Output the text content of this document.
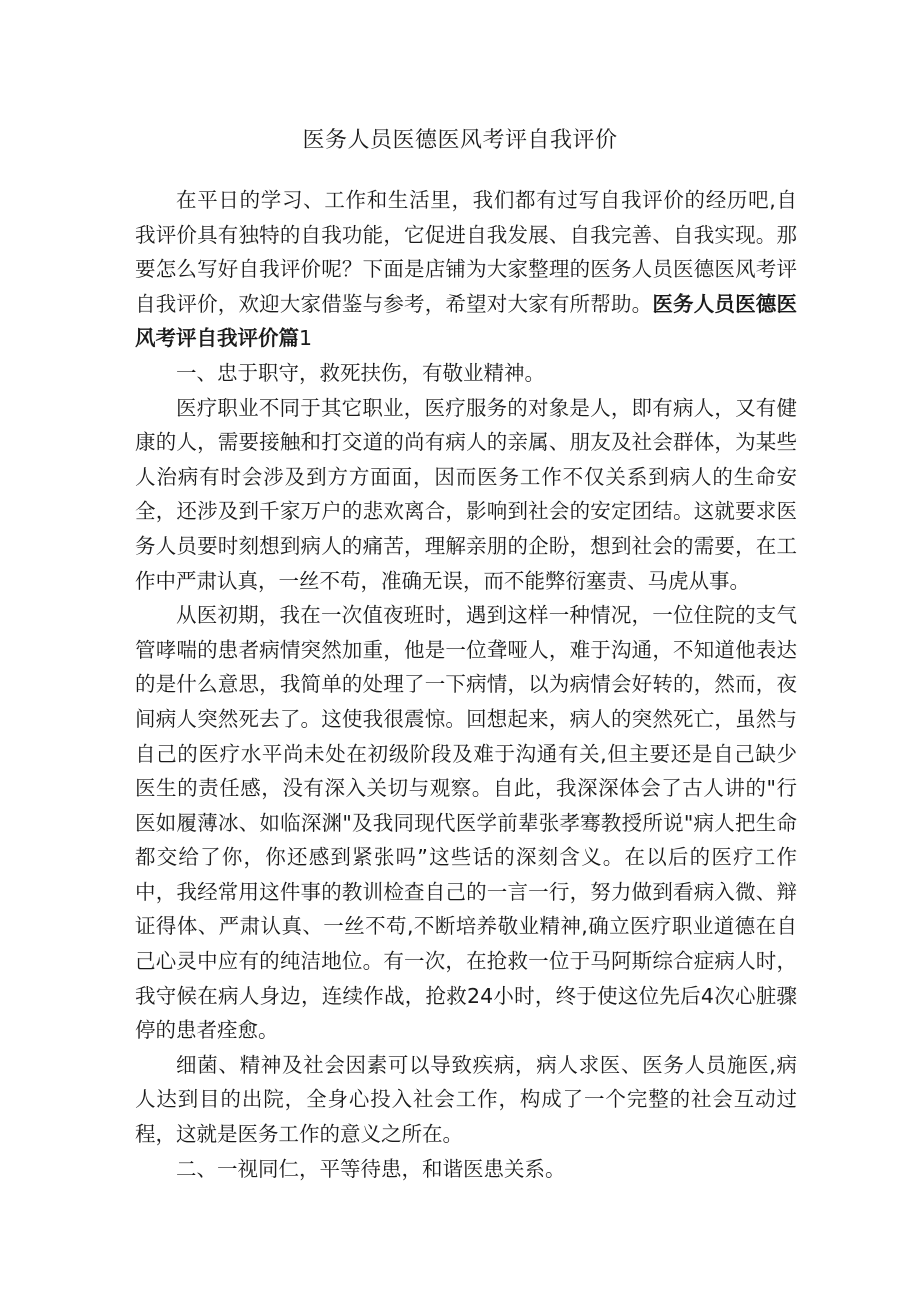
医务人员医德医风考评自我评价

在平日的学习、工作和生活里，我们都有过写自我评价的经历吧,自我评价具有独特的自我功能，它促进自我发展、自我完善、自我实现。那要怎么写好自我评价呢？下面是店铺为大家整理的医务人员医德医风考评自我评价，欢迎大家借鉴与参考，希望对大家有所帮助。医务人员医德医风考评自我评价篇1

一、忠于职守，救死扶伤，有敬业精神。

医疗职业不同于其它职业，医疗服务的对象是人，即有病人，又有健康的人，需要接触和打交道的尚有病人的亲属、朋友及社会群体，为某些人治病有时会涉及到方方面面，因而医务工作不仅关系到病人的生命安全，还涉及到千家万户的悲欢离合，影响到社会的安定团结。这就要求医务人员要时刻想到病人的痛苦，理解亲朋的企盼，想到社会的需要，在工作中严肃认真，一丝不苟，准确无误，而不能弊衍塞责、马虎从事。

从医初期，我在一次值夜班时，遇到这样一种情况，一位住院的支气管哮喘的患者病情突然加重，他是一位聋哑人，难于沟通，不知道他表达的是什么意思，我简单的处理了一下病情，以为病情会好转的，然而，夜间病人突然死去了。这使我很震惊。回想起来，病人的突然死亡，虽然与自己的医疗水平尚未处在初级阶段及难于沟通有关,但主要还是自己缺少医生的责任感，没有深入关切与观察。自此，我深深体会了古人讲的"行医如履薄冰、如临深渊"及我同现代医学前辈张孝骞教授所说"病人把生命都交给了你，你还感到紧张吗”这些话的深刻含义。在以后的医疗工作中，我经常用这件事的教训检查自己的一言一行，努力做到看病入微、辩证得体、严肃认真、一丝不苟,不断培养敬业精神,确立医疗职业道德在自己心灵中应有的纯洁地位。有一次，在抢救一位于马阿斯综合症病人时，我守候在病人身边，连续作战，抢救24小时，终于使这位先后4次心脏骤停的患者痊愈。

细菌、精神及社会因素可以导致疾病，病人求医、医务人员施医,病人达到目的出院，全身心投入社会工作，构成了一个完整的社会互动过程，这就是医务工作的意义之所在。

二、一视同仁，平等待患，和谐医患关系。
